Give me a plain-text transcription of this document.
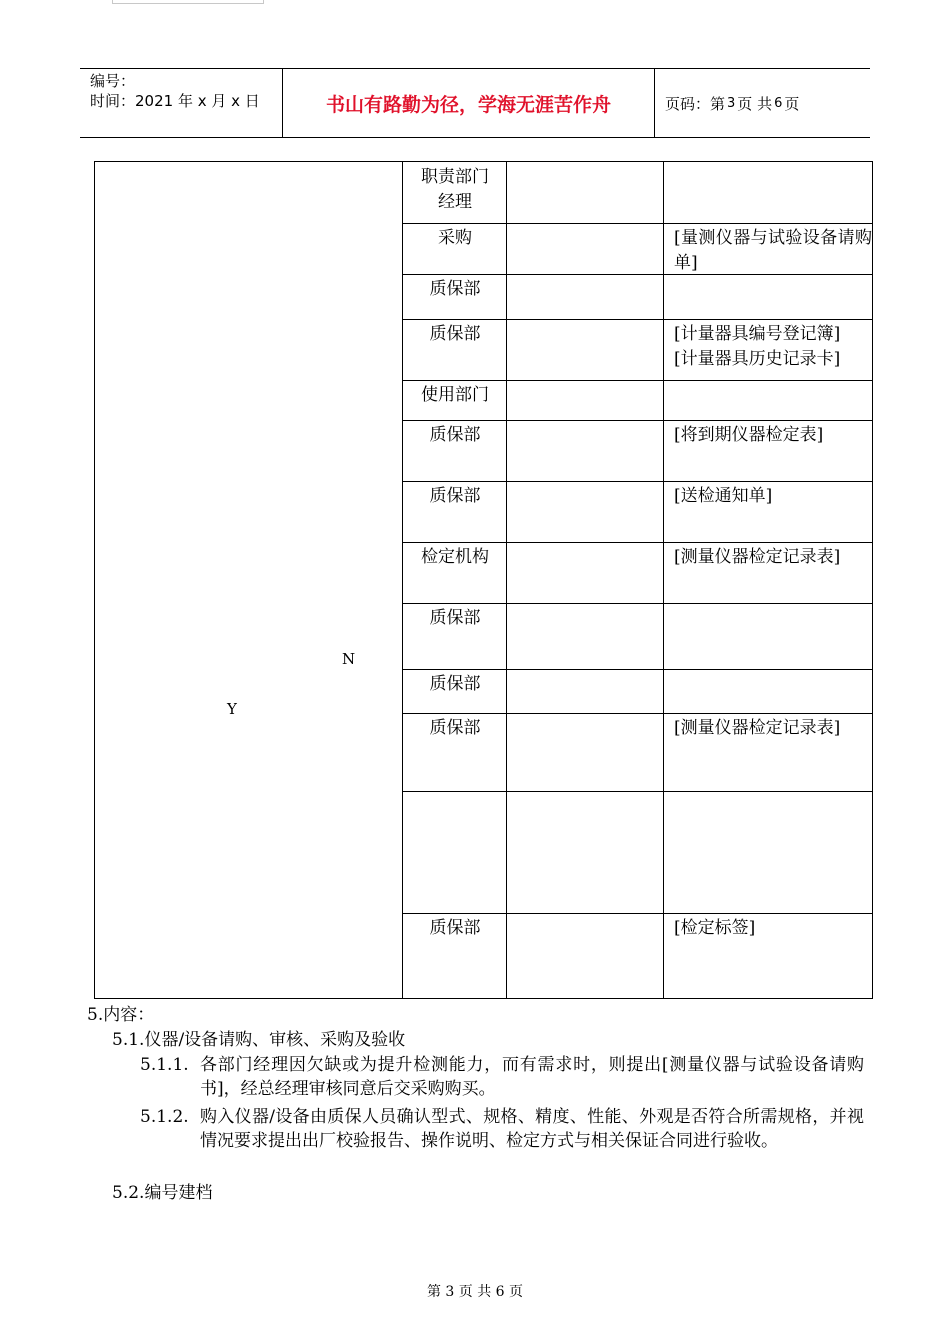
编号：
时间：2021 年 x 月 x 日	书山有路勤为径，学海无涯苦作舟	页码：第 3 页 共 6 页
N
Y
职责部门经理
采购	[量测仪器与试验设备请购单]
质保部
质保部	[计量器具编号登记簿]
[计量器具历史记录卡]
使用部门
质保部	[将到期仪器检定表]
质保部	[送检通知单]
检定机构	[测量仪器检定记录表]
质保部
质保部
质保部	[测量仪器检定记录表]
质保部	[检定标签]
5.内容：
5.1.仪器/设备请购、审核、采购及验收
5.1.1. 各部门经理因欠缺或为提升检测能力，而有需求时，则提出[测量仪器与试验设备请购书]，经总经理审核同意后交采购购买。
5.1.2. 购入仪器/设备由质保人员确认型式、规格、精度、性能、外观是否符合所需规格，并视情况要求提出出厂校验报告、操作说明、检定方式与相关保证合同进行验收。
5.2.编号建档
第 3 页 共 6 页
